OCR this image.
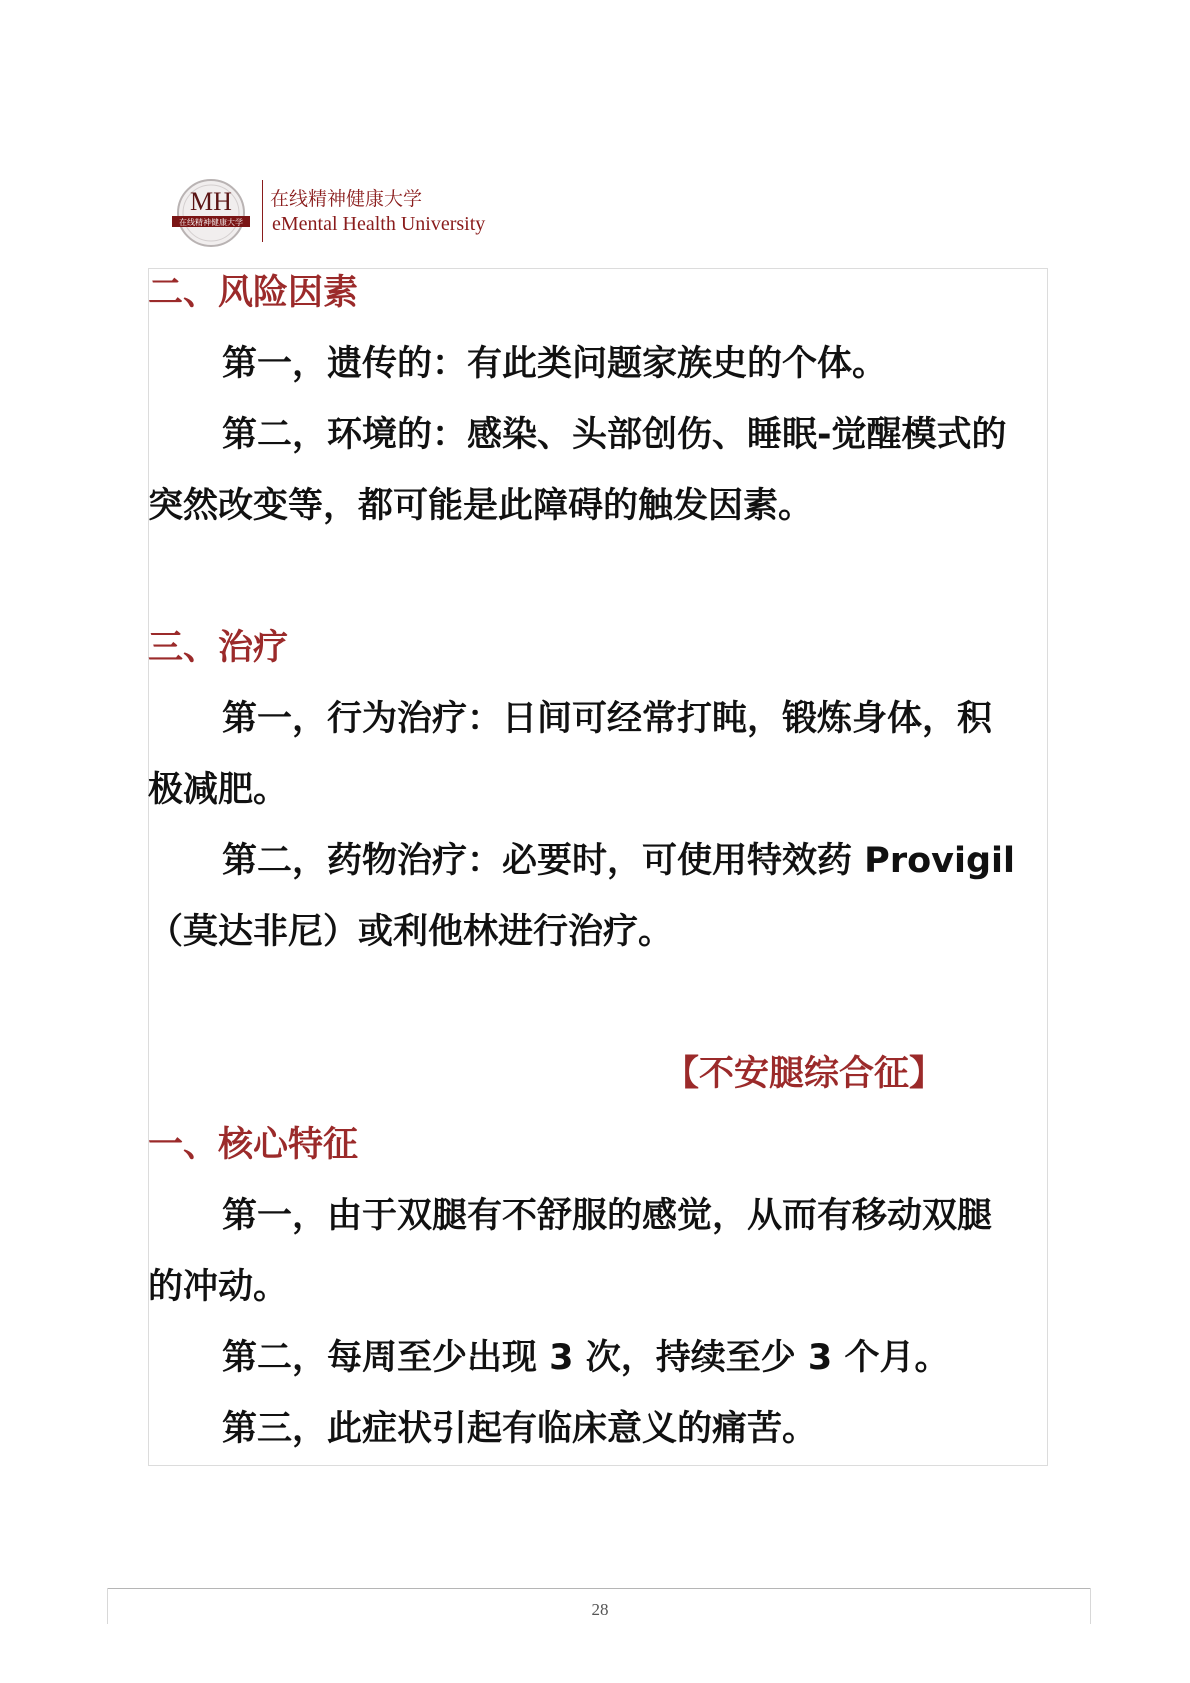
MH
在线精神健康大学
在线精神健康大学
eMental Health University
二、风险因素
第一，遗传的：有此类问题家族史的个体。
第二，环境的：感染、头部创伤、睡眠-觉醒模式的
突然改变等，都可能是此障碍的触发因素。
三、治疗
第一，行为治疗：日间可经常打盹，锻炼身体，积
极减肥。
第二，药物治疗：必要时，可使用特效药 Provigil
（莫达非尼）或利他林进行治疗。
【不安腿综合征】
一、核心特征
第一，由于双腿有不舒服的感觉，从而有移动双腿
的冲动。
第二，每周至少出现 3 次，持续至少 3 个月。
第三，此症状引起有临床意义的痛苦。
28
